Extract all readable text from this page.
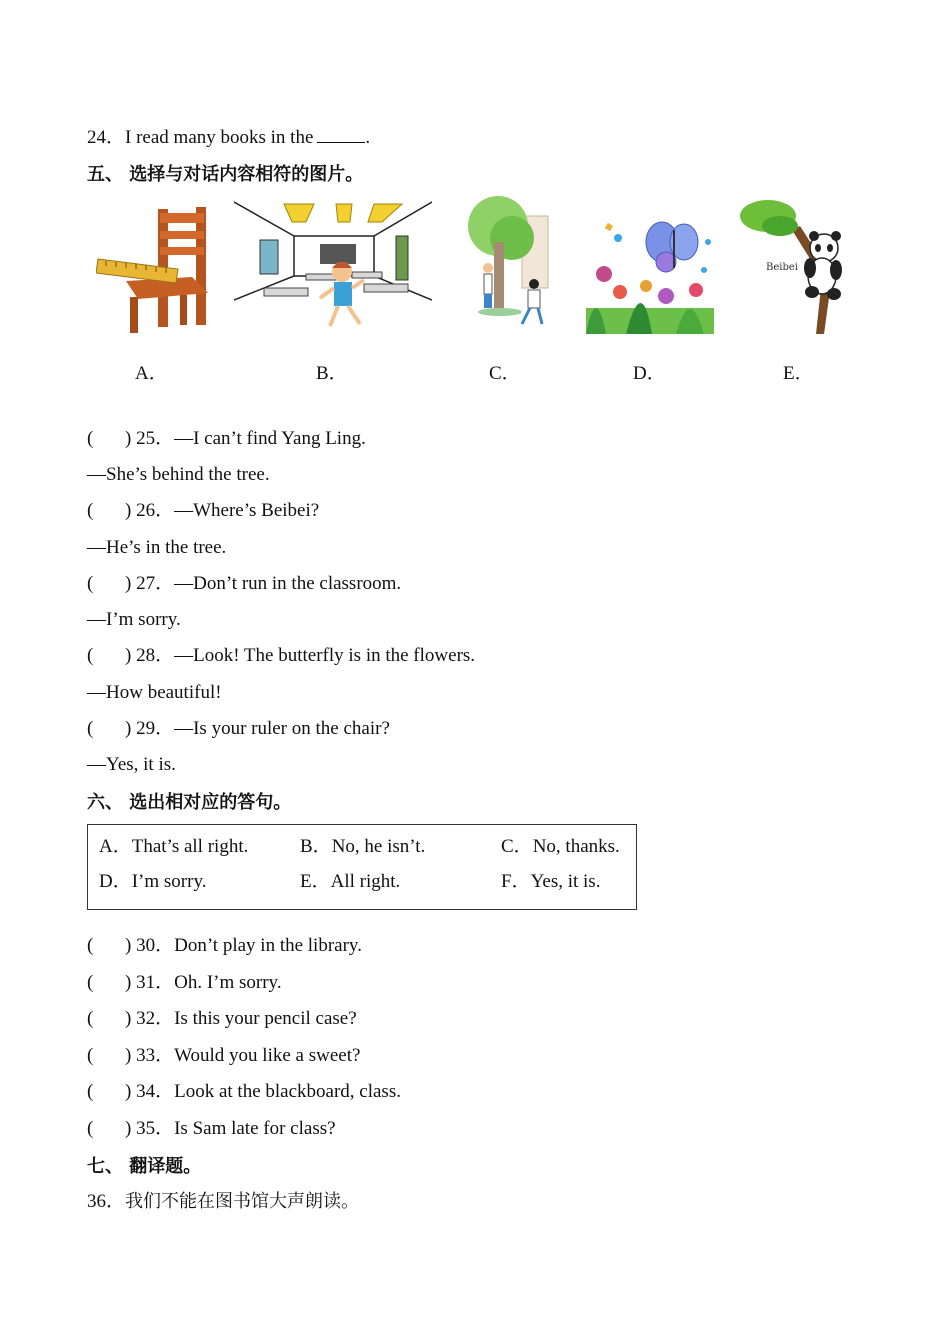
24．I read many books in the	.
五、 选择与对话内容相符的图片。
Beibei
A．	B．	C．	D．	E．
( ) 25．—I can’t find Yang Ling.
—She’s behind the tree.
( ) 26．—Where’s Beibei?
—He’s in the tree.
( ) 27．—Don’t run in the classroom.
—I’m sorry.
( ) 28．—Look! The butterfly is in the flowers.
—How beautiful!
( ) 29．—Is your ruler on the chair?
—Yes, it is.
六、 选出相对应的答句。
A．That’s all right.	B．No, he isn’t.	C．No, thanks.
D．I’m sorry.	E．All right.	F．Yes, it is.
( ) 30．Don’t play in the library.
( ) 31．Oh. I’m sorry.
( ) 32．Is this your pencil case?
( ) 33．Would you like a sweet?
( ) 34．Look at the blackboard, class.
( ) 35．Is Sam late for class?
七、 翻译题。
36．我们不能在图书馆大声朗读。
